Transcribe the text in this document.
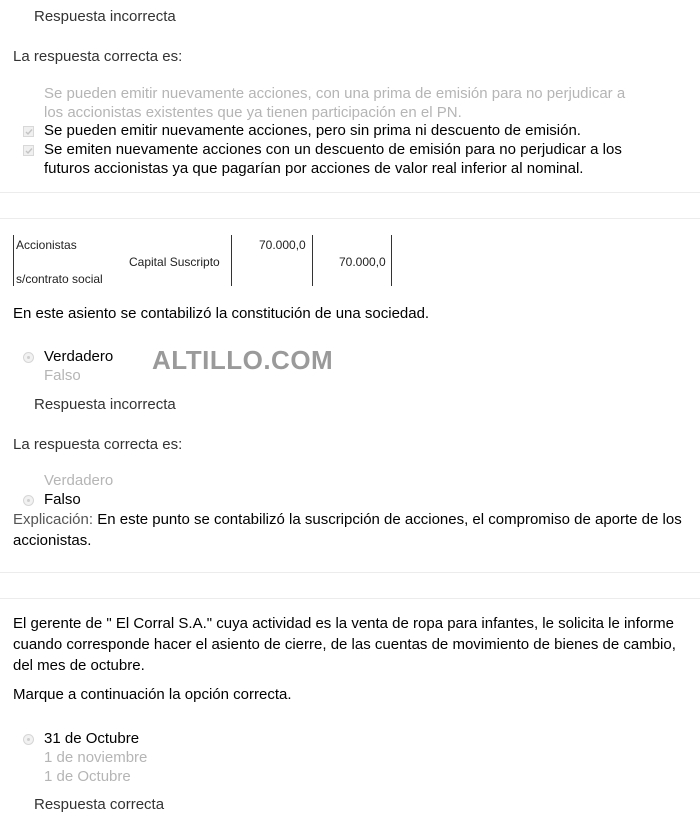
Respuesta incorrecta
La respuesta correcta es:
Se pueden emitir nuevamente acciones, con una prima de emisión para no perjudicar a
los accionistas existentes que ya tienen participación en el PN.
Se pueden emitir nuevamente acciones, pero sin prima ni descuento de emisión.
Se emiten nuevamente acciones con un descuento de emisión para no perjudicar a los
futuros accionistas ya que pagarían por acciones de valor real inferior al nominal.
Accionistas	70.000,0
Capital Suscripto	70.000,0
s/contrato social
En este asiento se contabilizó la constitución de una sociedad.
Verdadero
Falso
ALTILLO.COM
Respuesta incorrecta
La respuesta correcta es:
Verdadero
Falso
Explicación: En este punto se contabilizó la suscripción de acciones, el compromiso de aporte de los accionistas.
El gerente de " El Corral S.A." cuya actividad es la venta de ropa para infantes, le solicita le informe cuando corresponde hacer el asiento de cierre, de las cuentas de movimiento de bienes de cambio, del mes de octubre.
Marque a continuación la opción correcta.
31 de Octubre
1 de noviembre
1 de Octubre
Respuesta correcta
